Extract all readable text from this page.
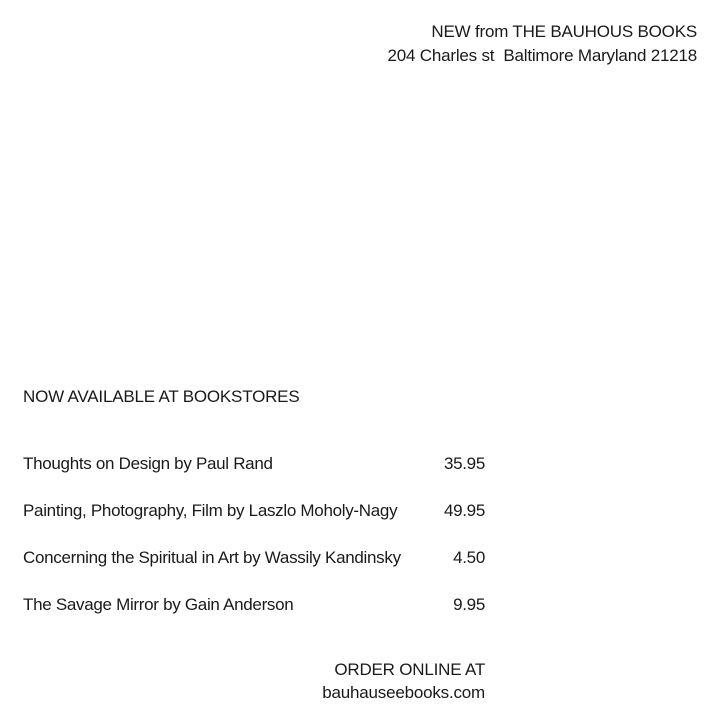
NEW from THE BAUHOUS BOOKS
204 Charles st  Baltimore Maryland 21218
NOW AVAILABLE AT BOOKSTORES
Thoughts on Design by Paul Rand	35.95
Painting, Photography, Film by Laszlo Moholy-Nagy	49.95
Concerning the Spiritual in Art by Wassily Kandinsky	4.50
The Savage Mirror by Gain Anderson	9.95
ORDER ONLINE AT
bauhauseebooks.com
